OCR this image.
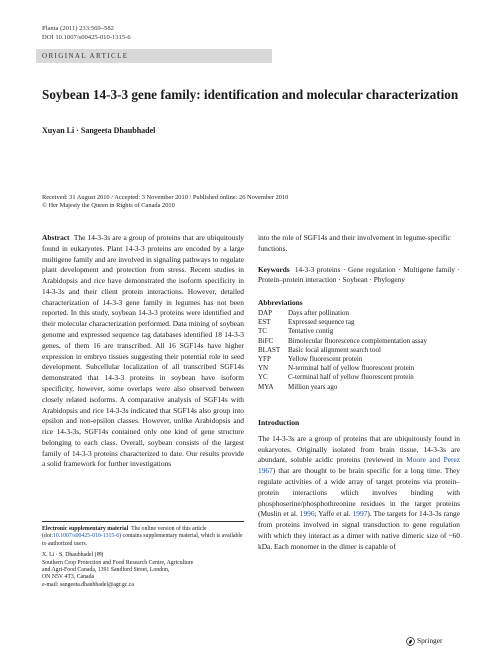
Planta (2011) 233:569–582
DOI 10.1007/s00425-010-1315-6
ORIGINAL ARTICLE
Soybean 14-3-3 gene family: identification and molecular characterization
Xuyan Li · Sangeeta Dhaubhadel
Received: 31 August 2010 / Accepted: 3 November 2010 / Published online: 26 November 2010
© Her Majesty the Queen in Rights of Canada 2010

Abstract The 14-3-3s are a group of proteins that are ubiquitously found in eukaryotes. Plant 14-3-3 proteins are encoded by a large multigene family and are involved in signaling pathways to regulate plant development and protection from stress. Recent studies in Arabidopsis and rice have demonstrated the isoform specificity in 14-3-3s and their client protein interactions. However, detailed characterization of 14-3-3 gene family in legumes has not been reported. In this study, soybean 14-3-3 proteins were identified and their molecular characterization performed. Data mining of soybean genome and expressed sequence tag databases identified 18 14-3-3 genes, of them 16 are transcribed. All 16 SGF14s have higher expression in embryo tissues suggesting their potential role in seed development. Subcellular localization of all transcribed SGF14s demonstrated that 14-3-3 proteins in soybean have isoform specificity, however, some overlaps were also observed between closely related isoforms. A comparative analysis of SGF14s with Arabidopsis and rice 14-3-3s indicated that SGF14s also group into epsilon and non-epsilon classes. However, unlike Arabidopsis and rice 14-3-3s, SGF14s contained only one kind of gene structure belonging to each class. Overall, soybean consists of the largest family of 14-3-3 proteins characterized to date. Our results provide a solid framework for further investigations

into the role of SGF14s and their involvement in legume-specific functions.

Keywords 14-3-3 proteins · Gene regulation · Multigene family · Protein–protein interaction · Soybean · Phylogeny

Abbreviations
DAP	Days after pollination
EST	Expressed sequence tag
TC	Tentative contig
BiFC	Bimolecular fluorescence complementation assay
BLAST	Basic local alignment search tool
YFP	Yellow fluorescent protein
YN	N-terminal half of yellow fluorescent protein
YC	C-terminal half of yellow fluorescent protein
MYA	Million years ago
Introduction

The 14-3-3s are a group of proteins that are ubiquitously found in eukaryotes. Originally isolated from brain tissue, 14-3-3s are abundant, soluble acidic proteins (reviewed in Moore and Perez 1967) that are thought to be brain specific for a long time. They regulate activities of a wide array of target proteins via protein–protein interactions which involves binding with phosphoserine/phosphothreonine residues in the target proteins (Muslin et al. 1996; Yaffe et al. 1997). The targets for 14-3-3s range from proteins involved in signal transduction to gene regulation with which they interact as a dimer with native dimeric size of ~60 kDa. Each monomer in the dimer is capable of

Electronic supplementary material The online version of this article (doi:10.1007/s00425-010-1315-6) contains supplementary material, which is available to authorized users.

X. Li · S. Dhaubhadel (✉)
Southern Crop Protection and Food Research Centre, Agriculture
and Agri-Food Canada, 1391 Sandford Street, London,
ON N5V 4T3, Canada
e-mail: sangeeta.dhaubhadel@agr.gc.ca

Springer
